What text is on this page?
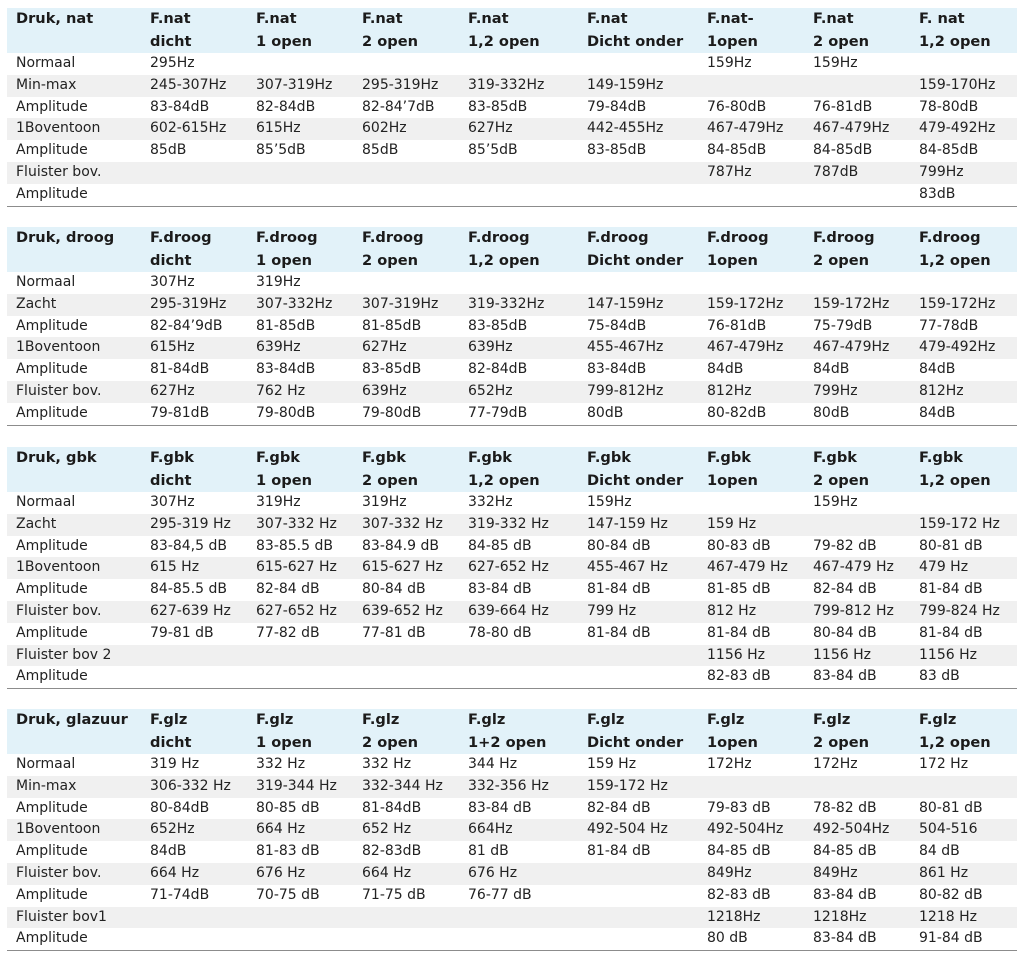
Druk, nat	F.nat	F.nat	F.nat	F.nat	F.nat	F.nat-	F.nat	F. nat
	dicht	1 open	2 open	1,2 open	Dicht onder	1open	2 open	1,2 open
Normaal	295Hz					159Hz	159Hz	
Min-max	245-307Hz	307-319Hz	295-319Hz	319-332Hz	149-159Hz			159-170Hz
Amplitude	83-84dB	82-84dB	82-84’7dB	83-85dB	79-84dB	76-80dB	76-81dB	78-80dB
1Boventoon	602-615Hz	615Hz	602Hz	627Hz	442-455Hz	467-479Hz	467-479Hz	479-492Hz
Amplitude	85dB	85’5dB	85dB	85’5dB	83-85dB	84-85dB	84-85dB	84-85dB
Fluister bov.						787Hz	787dB	799Hz
Amplitude								83dB
Druk, droog	F.droog	F.droog	F.droog	F.droog	F.droog	F.droog	F.droog	F.droog
	dicht	1 open	2 open	1,2 open	Dicht onder	1open	2 open	1,2 open
Normaal	307Hz	319Hz						
Zacht	295-319Hz	307-332Hz	307-319Hz	319-332Hz	147-159Hz	159-172Hz	159-172Hz	159-172Hz
Amplitude	82-84’9dB	81-85dB	81-85dB	83-85dB	75-84dB	76-81dB	75-79dB	77-78dB
1Boventoon	615Hz	639Hz	627Hz	639Hz	455-467Hz	467-479Hz	467-479Hz	479-492Hz
Amplitude	81-84dB	83-84dB	83-85dB	82-84dB	83-84dB	84dB	84dB	84dB
Fluister bov.	627Hz	762 Hz	639Hz	652Hz	799-812Hz	812Hz	799Hz	812Hz
Amplitude	79-81dB	79-80dB	79-80dB	77-79dB	80dB	80-82dB	80dB	84dB
Druk, gbk	F.gbk	F.gbk	F.gbk	F.gbk	F.gbk	F.gbk	F.gbk	F.gbk
	dicht	1 open	2 open	1,2 open	Dicht onder	1open	2 open	1,2 open
Normaal	307Hz	319Hz	319Hz	332Hz	159Hz		159Hz	
Zacht	295-319 Hz	307-332 Hz	307-332 Hz	319-332 Hz	147-159 Hz	159 Hz		159-172 Hz
Amplitude	83-84,5 dB	83-85.5 dB	83-84.9 dB	84-85 dB	80-84 dB	80-83 dB	79-82 dB	80-81 dB
1Boventoon	615 Hz	615-627 Hz	615-627 Hz	627-652 Hz	455-467 Hz	467-479 Hz	467-479 Hz	479 Hz
Amplitude	84-85.5 dB	82-84 dB	80-84 dB	83-84 dB	81-84 dB	81-85 dB	82-84 dB	81-84 dB
Fluister bov.	627-639 Hz	627-652 Hz	639-652 Hz	639-664 Hz	799 Hz	812 Hz	799-812 Hz	799-824 Hz
Amplitude	79-81 dB	77-82 dB	77-81 dB	78-80 dB	81-84 dB	81-84 dB	80-84 dB	81-84 dB
Fluister bov 2						1156 Hz	1156 Hz	1156 Hz
Amplitude						82-83 dB	83-84 dB	83 dB
Druk, glazuur	F.glz	F.glz	F.glz	F.glz	F.glz	F.glz	F.glz	F.glz
	dicht	1 open	2 open	1+2 open	Dicht onder	1open	2 open	1,2 open
Normaal	319 Hz	332 Hz	332 Hz	344 Hz	159 Hz	172Hz	172Hz	172 Hz
Min-max	306-332 Hz	319-344 Hz	332-344 Hz	332-356 Hz	159-172 Hz			
Amplitude	80-84dB	80-85 dB	81-84dB	83-84 dB	82-84 dB	79-83 dB	78-82 dB	80-81 dB
1Boventoon	652Hz	664 Hz	652 Hz	664Hz	492-504 Hz	492-504Hz	492-504Hz	504-516
Amplitude	84dB	81-83 dB	82-83dB	81 dB	81-84 dB	84-85 dB	84-85 dB	84 dB
Fluister bov.	664 Hz	676 Hz	664 Hz	676 Hz		849Hz	849Hz	861 Hz
Amplitude	71-74dB	70-75 dB	71-75 dB	76-77 dB		82-83 dB	83-84 dB	80-82 dB
Fluister bov1						1218Hz	1218Hz	1218 Hz
Amplitude						80 dB	83-84 dB	91-84 dB
